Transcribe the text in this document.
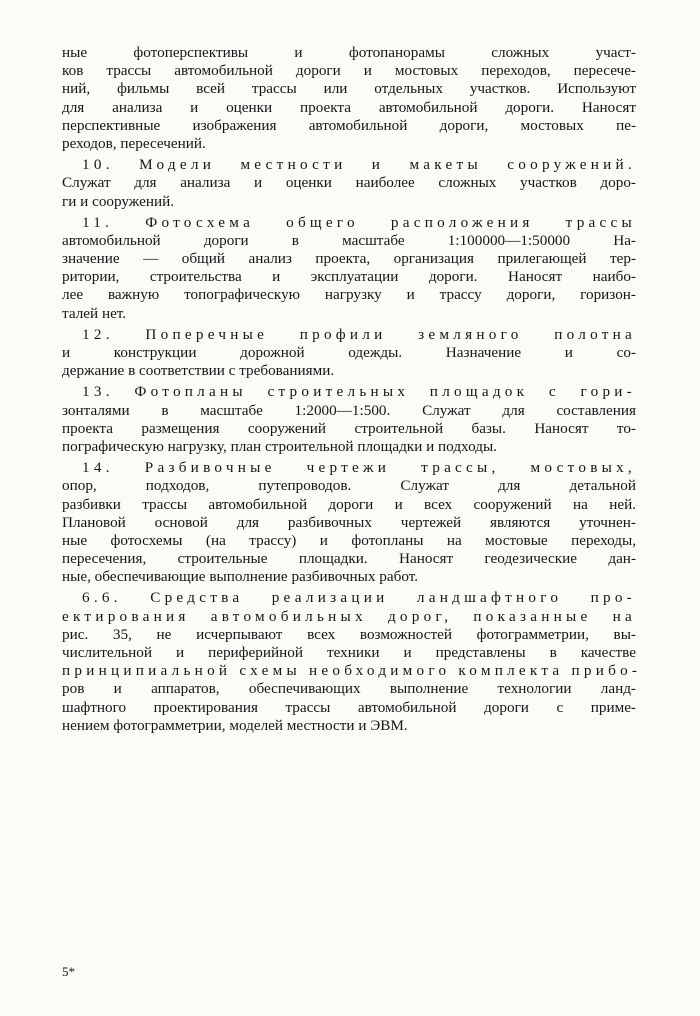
ные фотоперспективы и фотопанорамы сложных участ-
ков трассы автомобильной дороги и мостовых переходов, пересече-
ний, фильмы всей трассы или отдельных участков. Используют
для анализа и оценки проекта автомобильной дороги. Наносят
перспективные изображения автомобильной дороги, мостовых пе-
реходов, пересечений.
10. Модели местности и макеты сооружений.
Служат для анализа и оценки наиболее сложных участков доро-
ги и сооружений.
11. Фотосхема общего расположения трассы
автомобильной дороги в масштабе 1:100000—1:50000 На-
значение — общий анализ проекта, организация прилегающей тер-
ритории, строительства и эксплуатации дороги. Наносят наибо-
лее важную топографическую нагрузку и трассу дороги, горизон-
талей нет.
12. Поперечные профили земляного полотна
и конструкции дорожной одежды. Назначение и со-
держание в соответствии с требованиями.
13. Фотопланы строительных площадок с гори-
зонталями в масштабе 1:2000—1:500. Служат для составления
проекта размещения сооружений строительной базы. Наносят то-
пографическую нагрузку, план строительной площадки и подходы.
14. Разбивочные чертежи трассы, мостовых,
опор, подходов, путепроводов. Служат для детальной
разбивки трассы автомобильной дороги и всех сооружений на ней.
Плановой основой для разбивочных чертежей являются уточнен-
ные фотосхемы (на трассу) и фотопланы на мостовые переходы,
пересечения, строительные площадки. Наносят геодезические дан-
ные, обеспечивающие выполнение разбивочных работ.
6.6. Средства реализации ландшафтного про-
ектирования автомобильных дорог, показанные на
рис. 35, не исчерпывают всех возможностей фотограмметрии, вы-
числительной и периферийной техники и представлены в качестве
принципиальной схемы необходимого комплекта прибо-
ров и аппаратов, обеспечивающих выполнение технологии ланд-
шафтного проектирования трассы автомобильной дороги с приме-
нением фотограмметрии, моделей местности и ЭВМ.
5*
